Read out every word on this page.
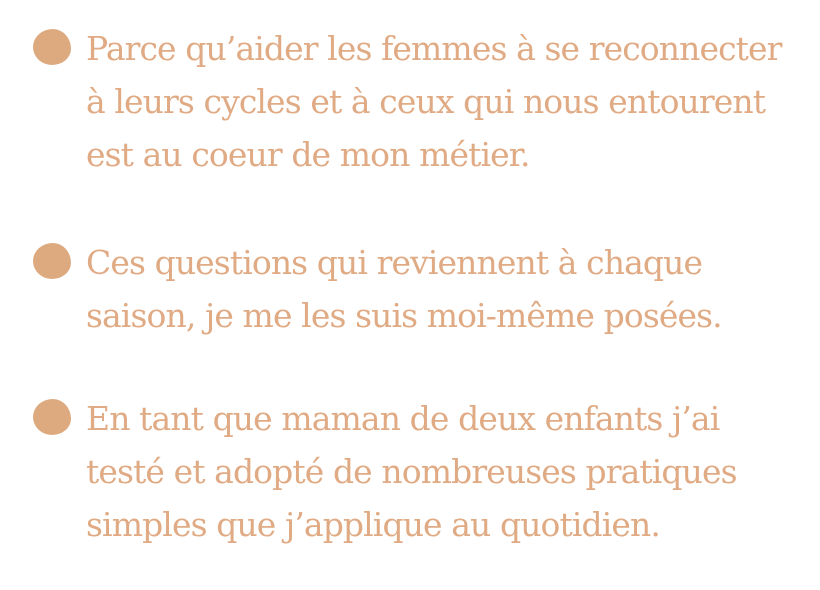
Parce qu’aider les femmes à se reconnecter
à leurs cycles et à ceux qui nous entourent
est au coeur de mon métier.
Ces questions qui reviennent à chaque
saison, je me les suis moi-même posées.
En tant que maman de deux enfants j’ai
testé et adopté de nombreuses pratiques
simples que j’applique au quotidien.
